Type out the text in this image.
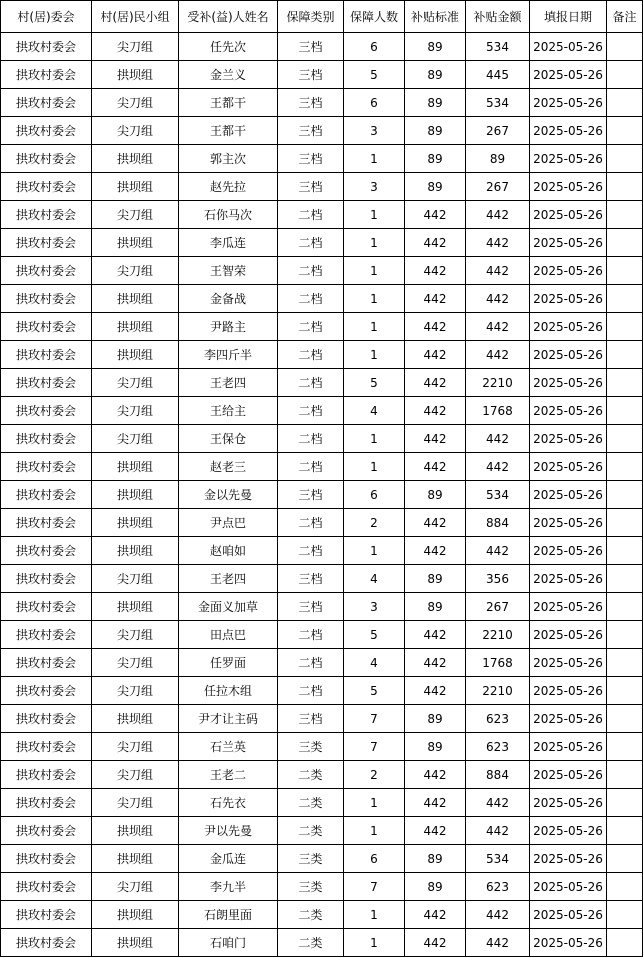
村(居)委会	村(居)民小组	受补(益)人姓名	保障类别	保障人数	补贴标准	补贴金额	填报日期	备注
拱玫村委会	尖刀组	任先次	三档	6	89	534	2025-05-26	
拱玫村委会	拱坝组	金兰义	三档	5	89	445	2025-05-26	
拱玫村委会	尖刀组	王都干	三档	6	89	534	2025-05-26	
拱玫村委会	尖刀组	王都干	三档	3	89	267	2025-05-26	
拱玫村委会	拱坝组	郭主次	三档	1	89	89	2025-05-26	
拱玫村委会	拱坝组	赵先拉	三档	3	89	267	2025-05-26	
拱玫村委会	尖刀组	石你马次	二档	1	442	442	2025-05-26	
拱玫村委会	拱坝组	李瓜连	二档	1	442	442	2025-05-26	
拱玫村委会	尖刀组	王智荣	二档	1	442	442	2025-05-26	
拱玫村委会	拱坝组	金备战	二档	1	442	442	2025-05-26	
拱玫村委会	拱坝组	尹路主	二档	1	442	442	2025-05-26	
拱玫村委会	拱坝组	李四斤半	二档	1	442	442	2025-05-26	
拱玫村委会	尖刀组	王老四	二档	5	442	2210	2025-05-26	
拱玫村委会	尖刀组	王给主	二档	4	442	1768	2025-05-26	
拱玫村委会	尖刀组	王保仓	二档	1	442	442	2025-05-26	
拱玫村委会	拱坝组	赵老三	二档	1	442	442	2025-05-26	
拱玫村委会	拱坝组	金以先曼	三档	6	89	534	2025-05-26	
拱玫村委会	拱坝组	尹点巴	二档	2	442	884	2025-05-26	
拱玫村委会	拱坝组	赵咱如	二档	1	442	442	2025-05-26	
拱玫村委会	尖刀组	王老四	三档	4	89	356	2025-05-26	
拱玫村委会	拱坝组	金面义加草	三档	3	89	267	2025-05-26	
拱玫村委会	尖刀组	田点巴	二档	5	442	2210	2025-05-26	
拱玫村委会	尖刀组	任罗面	二档	4	442	1768	2025-05-26	
拱玫村委会	尖刀组	任拉木组	二档	5	442	2210	2025-05-26	
拱玫村委会	拱坝组	尹才让主码	三档	7	89	623	2025-05-26	
拱玫村委会	尖刀组	石兰英	三类	7	89	623	2025-05-26	
拱玫村委会	尖刀组	王老二	二类	2	442	884	2025-05-26	
拱玫村委会	尖刀组	石先衣	二类	1	442	442	2025-05-26	
拱玫村委会	拱坝组	尹以先曼	二类	1	442	442	2025-05-26	
拱玫村委会	拱坝组	金瓜连	三类	6	89	534	2025-05-26	
拱玫村委会	尖刀组	李九半	三类	7	89	623	2025-05-26	
拱玫村委会	拱坝组	石朗里面	二类	1	442	442	2025-05-26	
拱玫村委会	拱坝组	石咱门	二类	1	442	442	2025-05-26	
